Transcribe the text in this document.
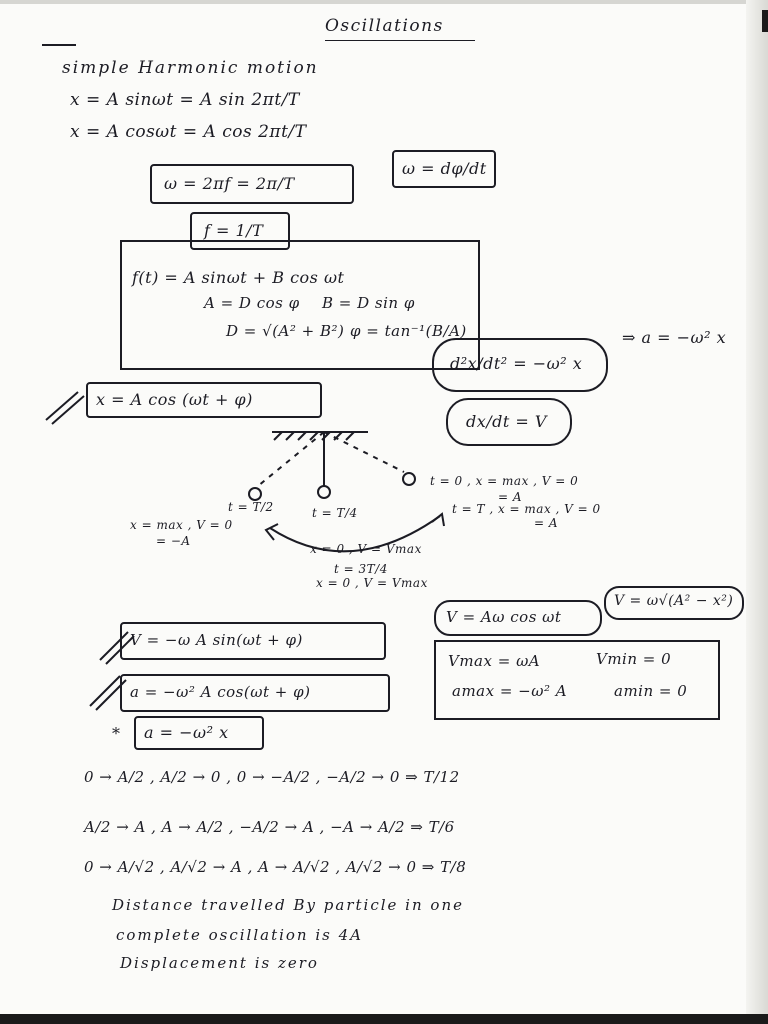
Oscillations
simple Harmonic motion
x = A sinωt = A sin 2πt/T
x = A cosωt = A cos 2πt/T
ω = 2πf = 2π/T
ω = dφ/dt
f = 1/T
f(t) = A sinωt + B cos ωt
A = D cos φ B = D sin φ
D = √(A² + B²) φ = tan⁻¹(B/A)
d²x/dt² = −ω² x
⇒ a = −ω² x
dx/dt = V
x = A cos (ωt + φ)
t = 0 , x = max , V = 0
= A
t = T/2
x = max , V = 0
= −A
t = T/4	t = T , x = max , V = 0
= A
x = 0 , V = Vmax
t = 3T/4
x = 0 , V = Vmax
V = −ω A sin(ωt + φ)
V = Aω cos ωt
V = ω√(A² − x²)
a = −ω² A cos(ωt + φ)
* a = −ω² x
Vmax = ωA	Vmin = 0
amax = −ω² A	amin = 0
0 → A/2 , A/2 → 0 , 0 → −A/2 , −A/2 → 0 ⇒ T/12
A/2 → A , A → A/2 , −A/2 → A , −A → A/2 ⇒ T/6
0 → A/√2 , A/√2 → A , A → A/√2 , A/√2 → 0 ⇒ T/8
Distance travelled By particle in one
complete oscillation is 4A
Displacement is zero
